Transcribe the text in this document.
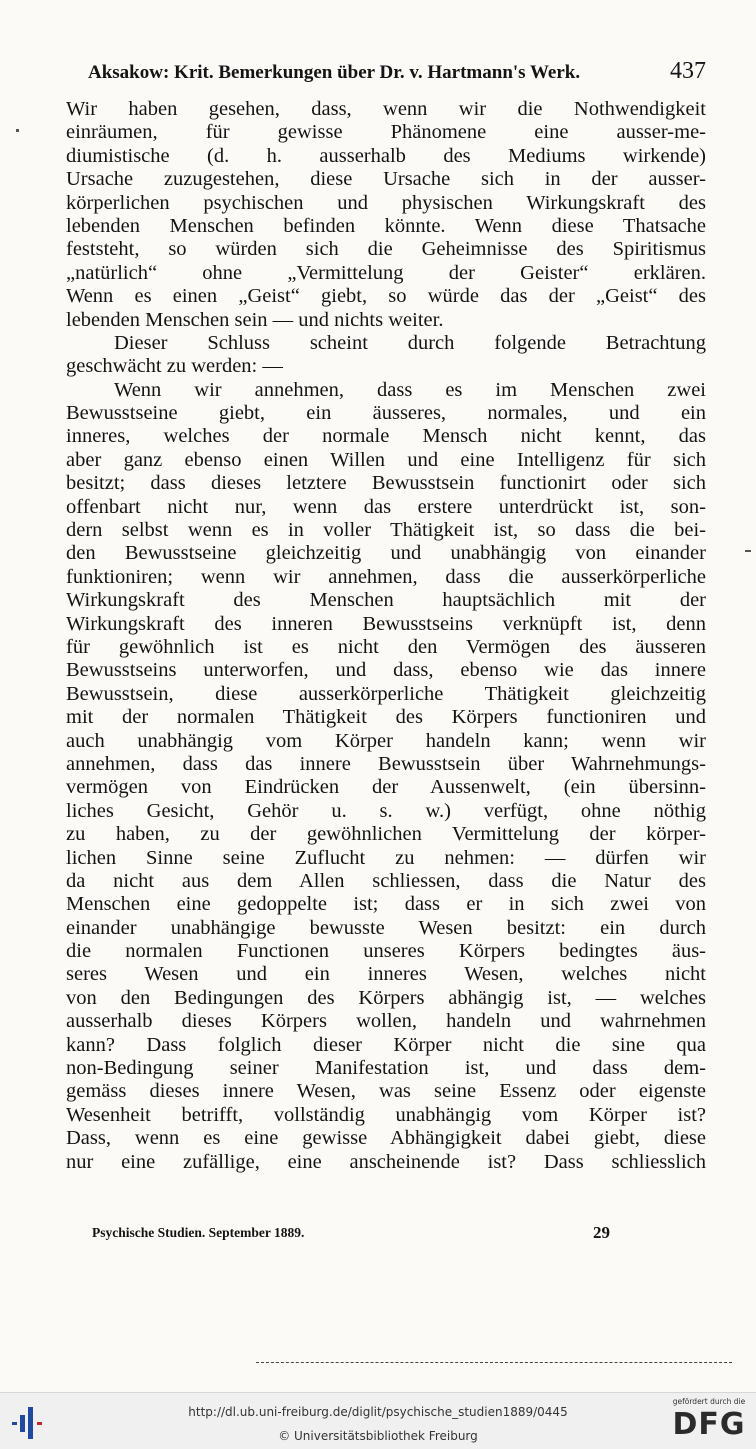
Aksakow: Krit. Bemerkungen über Dr. v. Hartmann's Werk.	437
Wir haben gesehen, dass, wenn wir die Nothwendigkeit
einräumen, für gewisse Phänomene eine ausser-me-
diumistische (d. h. ausserhalb des Mediums wirkende)
Ursache zuzugestehen, diese Ursache sich in der ausser-
körperlichen psychischen und physischen Wirkungskraft des
lebenden Menschen befinden könnte. Wenn diese Thatsache
feststeht, so würden sich die Geheimnisse des Spiritismus
„natürlich“ ohne „Vermittelung der Geister“ erklären.
Wenn es einen „Geist“ giebt, so würde das der „Geist“ des
lebenden Menschen sein — und nichts weiter.
Dieser Schluss scheint durch folgende Betrachtung
geschwächt zu werden: —
Wenn wir annehmen, dass es im Menschen zwei
Bewusstseine giebt, ein äusseres, normales, und ein
inneres, welches der normale Mensch nicht kennt, das
aber ganz ebenso einen Willen und eine Intelligenz für sich
besitzt; dass dieses letztere Bewusstsein functionirt oder sich
offenbart nicht nur, wenn das erstere unterdrückt ist, son-
dern selbst wenn es in voller Thätigkeit ist, so dass die bei-
den Bewusstseine gleichzeitig und unabhängig von einander
funktioniren; wenn wir annehmen, dass die ausserkörperliche
Wirkungskraft des Menschen hauptsächlich mit der
Wirkungskraft des inneren Bewusstseins verknüpft ist, denn
für gewöhnlich ist es nicht den Vermögen des äusseren
Bewusstseins unterworfen, und dass, ebenso wie das innere
Bewusstsein, diese ausserkörperliche Thätigkeit gleichzeitig
mit der normalen Thätigkeit des Körpers functioniren und
auch unabhängig vom Körper handeln kann; wenn wir
annehmen, dass das innere Bewusstsein über Wahrnehmungs-
vermögen von Eindrücken der Aussenwelt, (ein übersinn-
liches Gesicht, Gehör u. s. w.) verfügt, ohne nöthig
zu haben, zu der gewöhnlichen Vermittelung der körper-
lichen Sinne seine Zuflucht zu nehmen: — dürfen wir
da nicht aus dem Allen schliessen, dass die Natur des
Menschen eine gedoppelte ist; dass er in sich zwei von
einander unabhängige bewusste Wesen besitzt: ein durch
die normalen Functionen unseres Körpers bedingtes äus-
seres Wesen und ein inneres Wesen, welches nicht
von den Bedingungen des Körpers abhängig ist, — welches
ausserhalb dieses Körpers wollen, handeln und wahrnehmen
kann? Dass folglich dieser Körper nicht die sine qua
non-Bedingung seiner Manifestation ist, und dass dem-
gemäss dieses innere Wesen, was seine Essenz oder eigenste
Wesenheit betrifft, vollständig unabhängig vom Körper ist?
Dass, wenn es eine gewisse Abhängigkeit dabei giebt, diese
nur eine zufällige, eine anscheinende ist? Dass schliesslich
Psychische Studien. September 1889.	29
http://dl.ub.uni-freiburg.de/diglit/psychische_studien1889/0445
© Universitätsbibliothek Freiburg
gefördert durch die
DFG
